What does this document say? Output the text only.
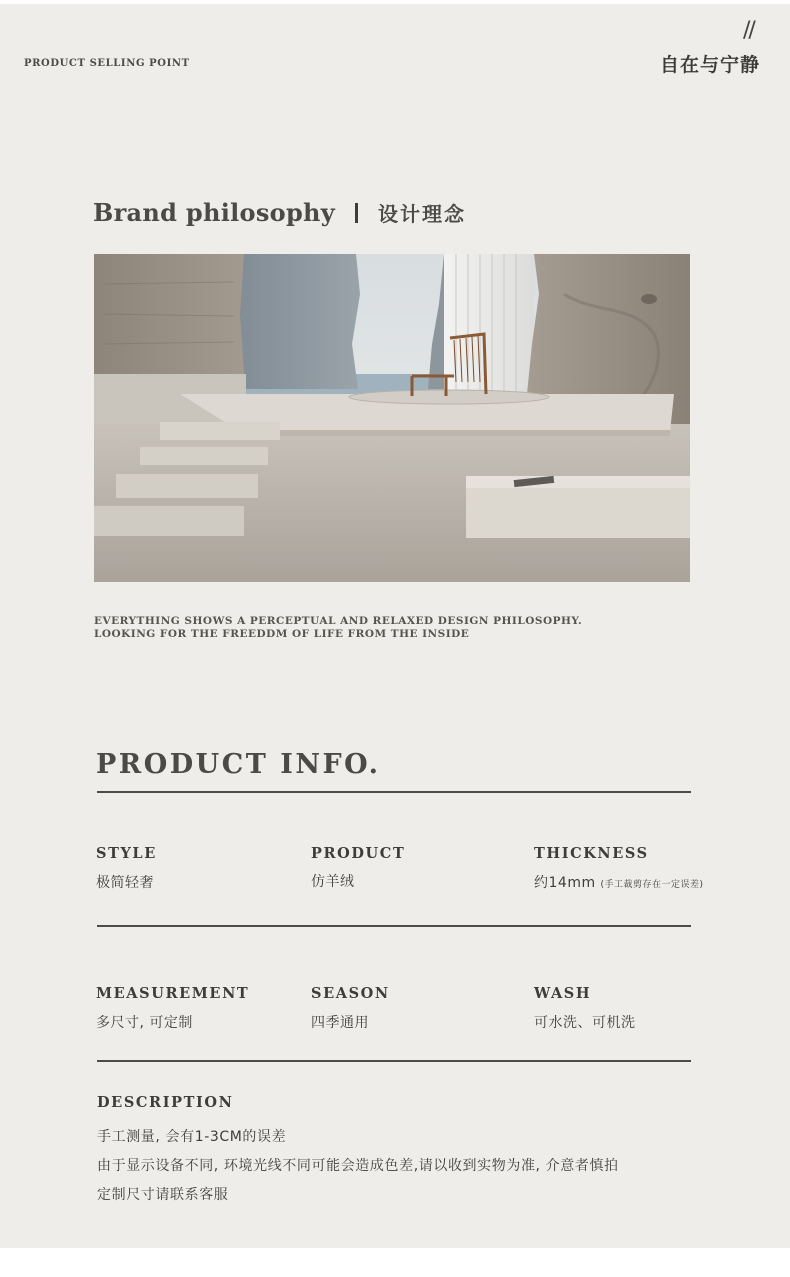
PRODUCT SELLING POINT
//
自在与宁静
Brand philosophy 设计理念
EVERYTHING SHOWS A PERCEPTUAL AND RELAXED DESIGN PHILOSOPHY.
LOOKING FOR THE FREEDDM OF LIFE FROM THE INSIDE
PRODUCT INFO.
STYLE
极简轻奢
PRODUCT
仿羊绒
THICKNESS
约14mm (手工裁剪存在一定误差)
MEASUREMENT
多尺寸, 可定制
SEASON
四季通用
WASH
可水洗、可机洗
DESCRIPTION
手工测量, 会有1-3CM的误差
由于显示设备不同, 环境光线不同可能会造成色差,请以收到实物为准, 介意者慎拍
定制尺寸请联系客服
